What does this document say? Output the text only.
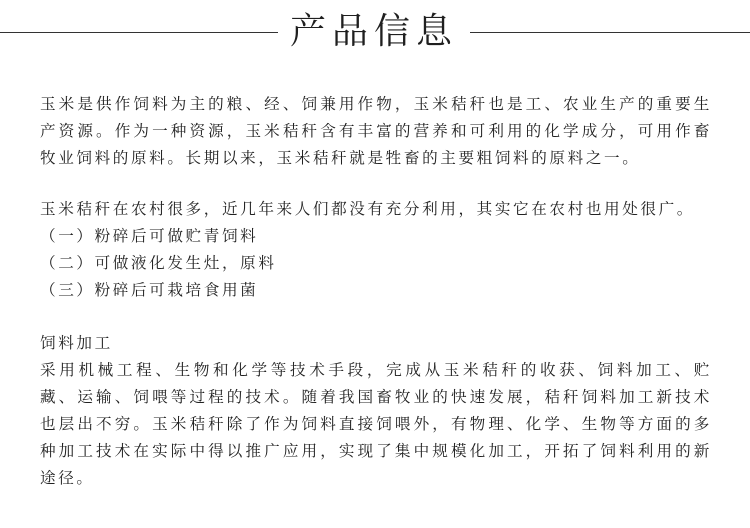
产品信息

玉米是供作饲料为主的粮、经、饲兼用作物，玉米秸秆也是工、农业生产的重要生产资源。作为一种资源，玉米秸秆含有丰富的营养和可利用的化学成分，可用作畜牧业饲料的原料。长期以来，玉米秸秆就是牲畜的主要粗饲料的原料之一。

玉米秸秆在农村很多，近几年来人们都没有充分利用，其实它在农村也用处很广。

（一）粉碎后可做贮青饲料
（二）可做液化发生灶，原料
（三）粉碎后可栽培食用菌

饲料加工

采用机械工程、生物和化学等技术手段，完成从玉米秸秆的收获、饲料加工、贮藏、运输、饲喂等过程的技术。随着我国畜牧业的快速发展，秸秆饲料加工新技术也层出不穷。玉米秸秆除了作为饲料直接饲喂外，有物理、化学、生物等方面的多种加工技术在实际中得以推广应用，实现了集中规模化加工，开拓了饲料利用的新途径。
